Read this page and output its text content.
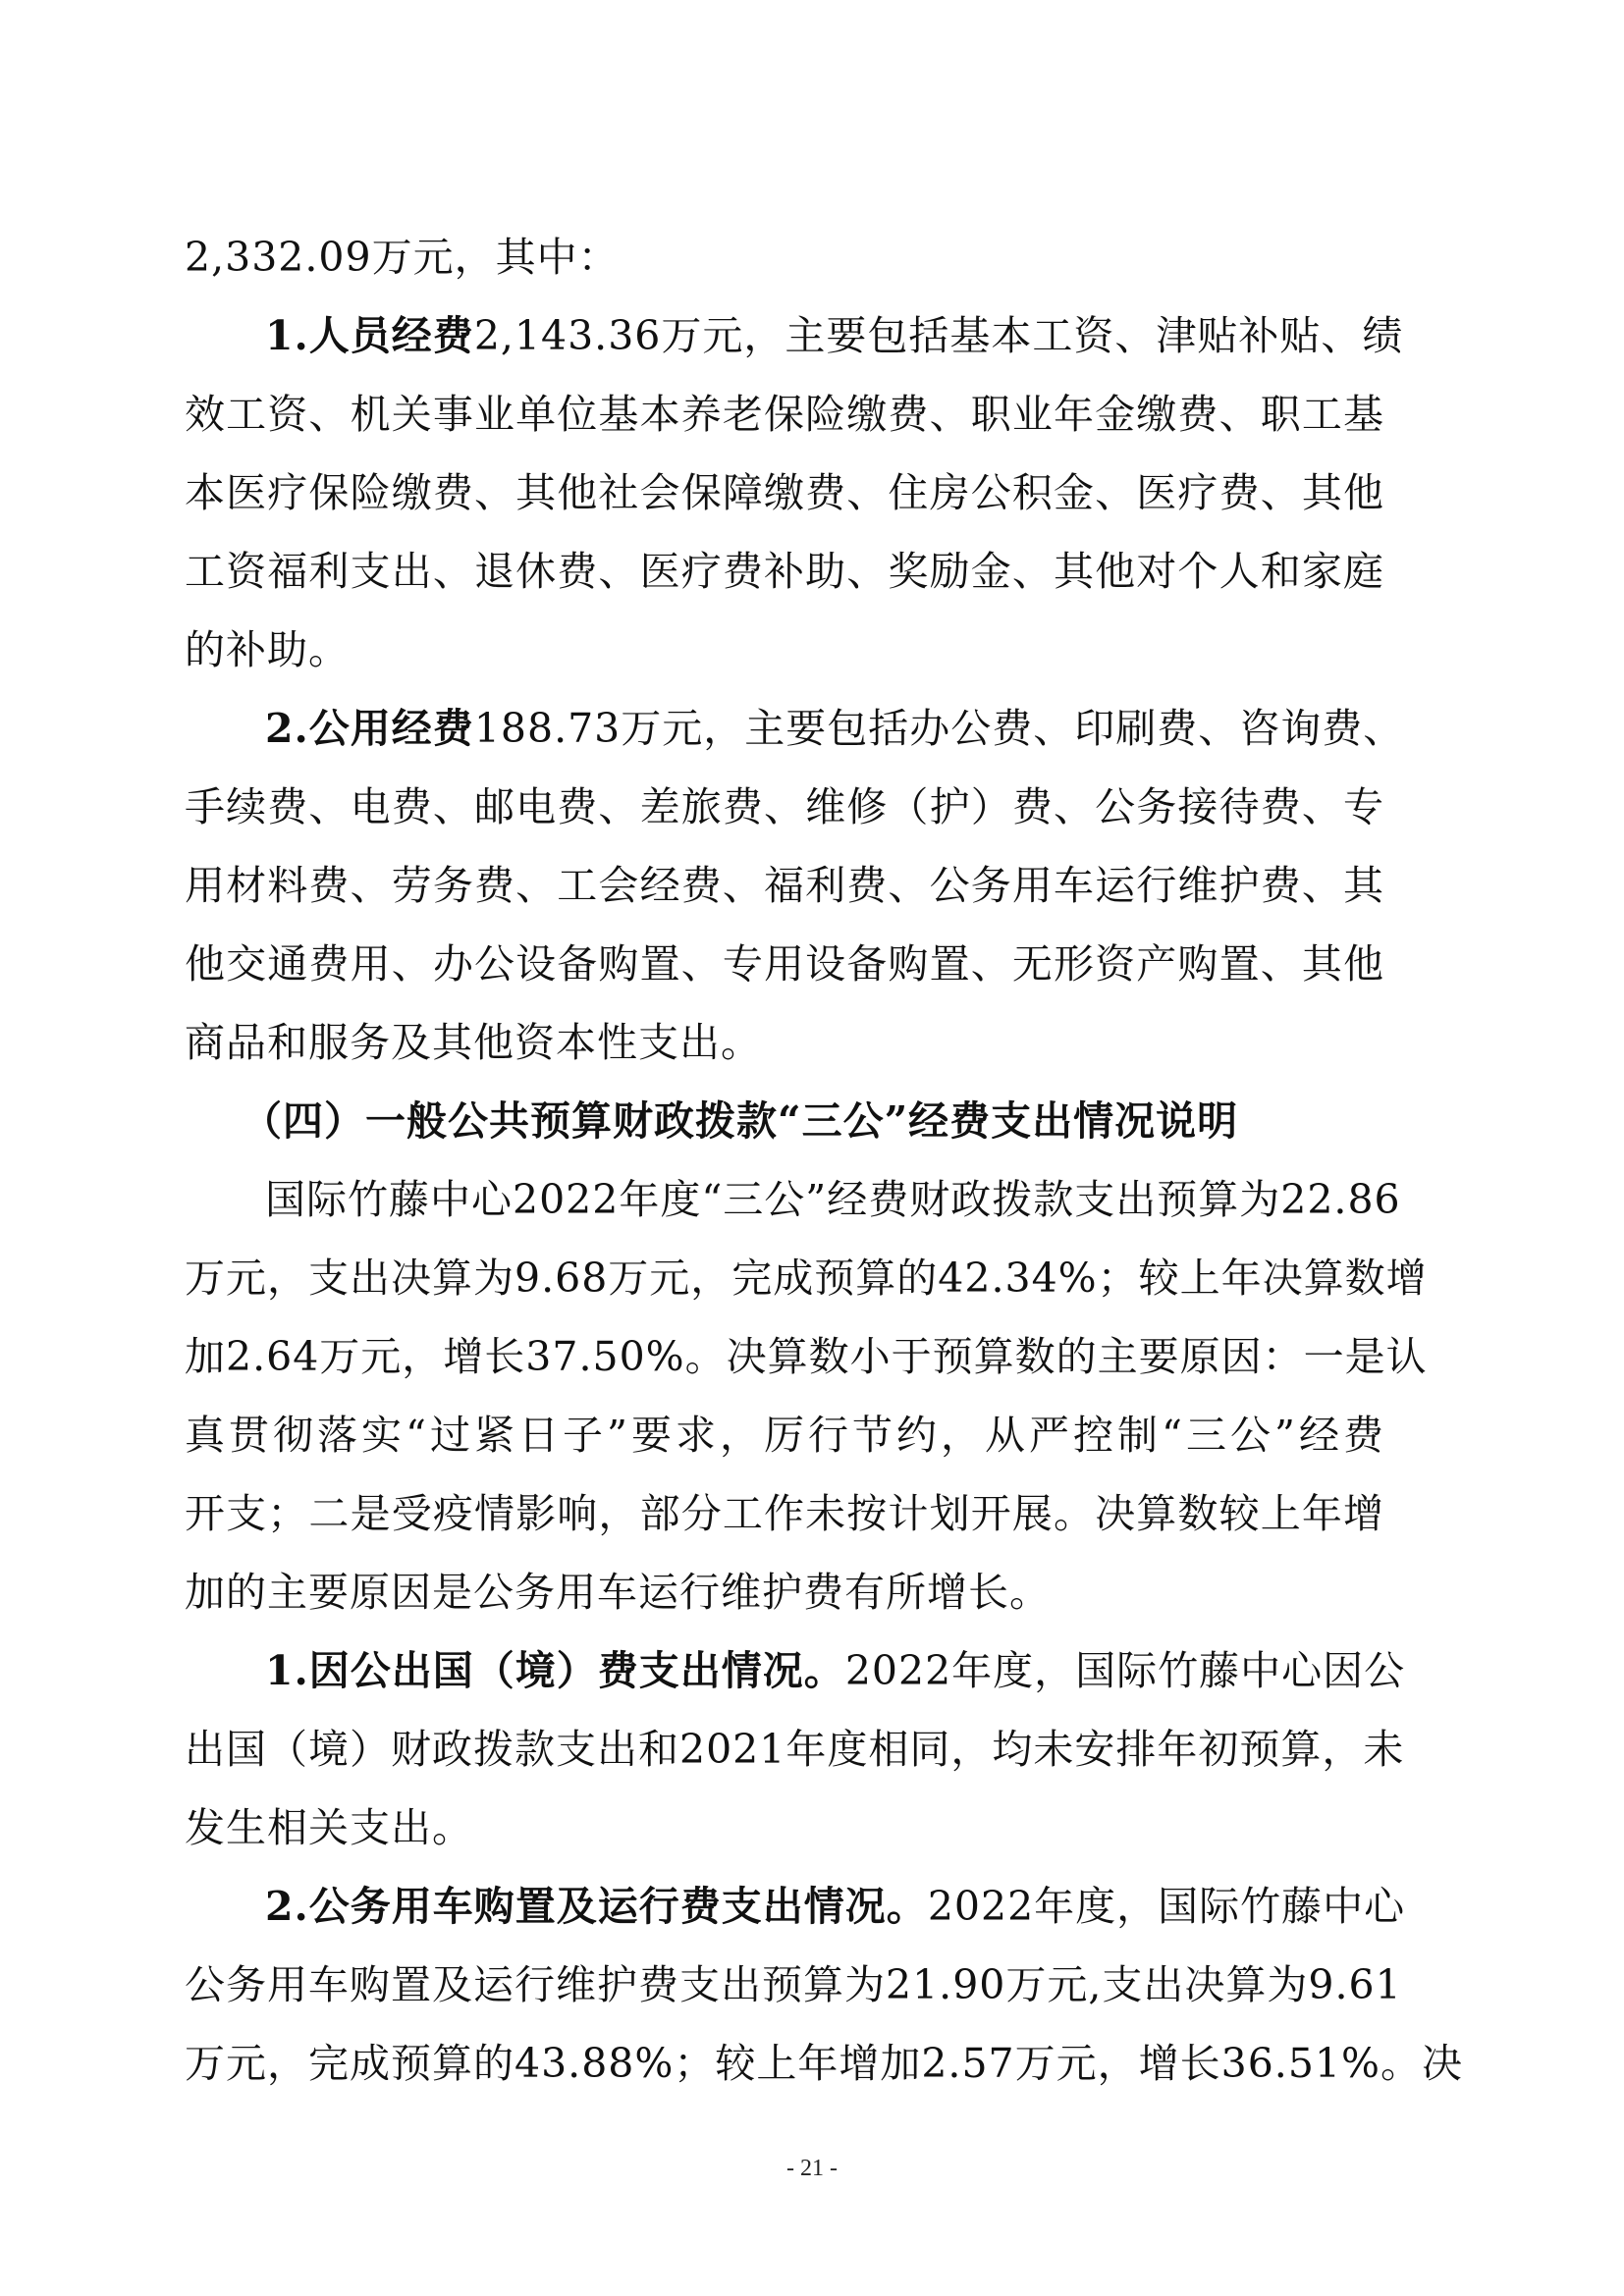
2,332.09万元，其中：
1.人员经费2,143.36万元，主要包括基本工资、津贴补贴、绩
效工资、机关事业单位基本养老保险缴费、职业年金缴费、职工基
本医疗保险缴费、其他社会保障缴费、住房公积金、医疗费、其他
工资福利支出、退休费、医疗费补助、奖励金、其他对个人和家庭
的补助。
2.公用经费188.73万元，主要包括办公费、印刷费、咨询费、
手续费、电费、邮电费、差旅费、维修（护）费、公务接待费、专
用材料费、劳务费、工会经费、福利费、公务用车运行维护费、其
他交通费用、办公设备购置、专用设备购置、无形资产购置、其他
商品和服务及其他资本性支出。
（四）一般公共预算财政拨款“三公”经费支出情况说明
国际竹藤中心2022年度“三公”经费财政拨款支出预算为22.86
万元，支出决算为9.68万元，完成预算的42.34%；较上年决算数增
加2.64万元，增长37.50%。决算数小于预算数的主要原因：一是认
真贯彻落实“过紧日子”要求，厉行节约，从严控制“三公”经费
开支；二是受疫情影响，部分工作未按计划开展。决算数较上年增
加的主要原因是公务用车运行维护费有所增长。
1.因公出国（境）费支出情况。2022年度，国际竹藤中心因公
出国（境）财政拨款支出和2021年度相同，均未安排年初预算，未
发生相关支出。
2.公务用车购置及运行费支出情况。2022年度，国际竹藤中心
公务用车购置及运行维护费支出预算为21.90万元,支出决算为9.61
万元，完成预算的43.88%；较上年增加2.57万元，增长36.51%。决
- 21 -
